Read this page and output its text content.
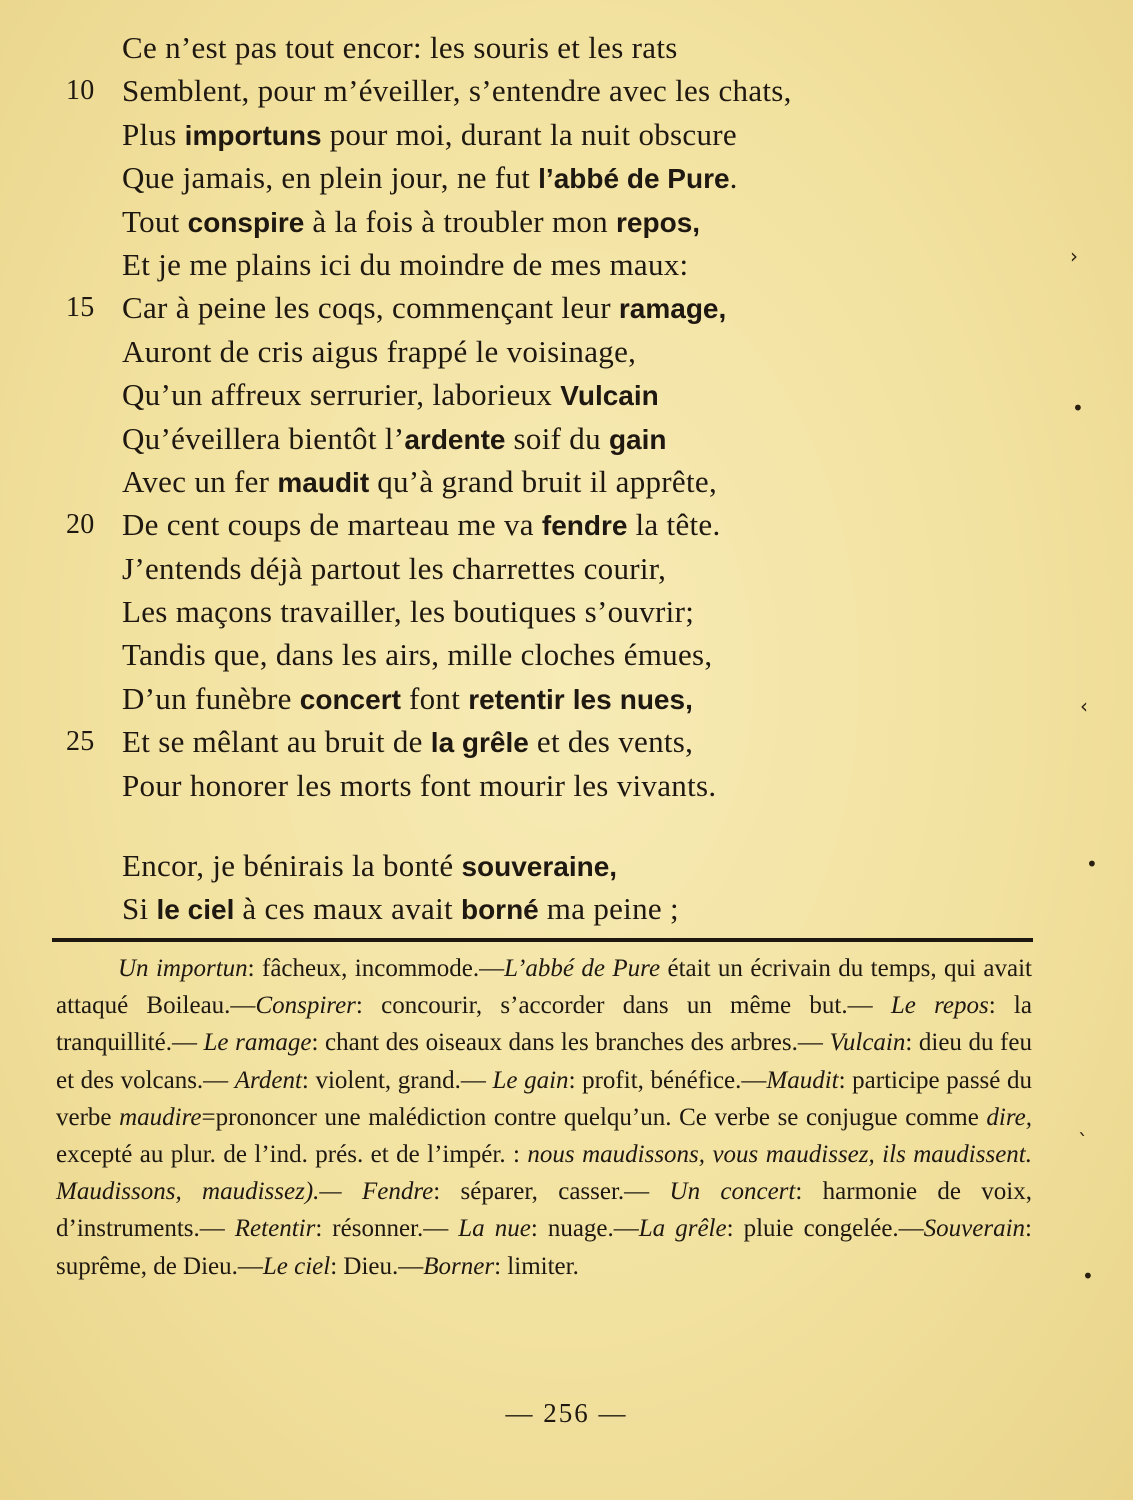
Ce n’est pas tout encor: les souris et les rats
10 Semblent, pour m’éveiller, s’entendre avec les chats,
Plus importuns pour moi, durant la nuit obscure
Que jamais, en plein jour, ne fut l’abbé de Pure.
Tout conspire à la fois à troubler mon repos,
Et je me plains ici du moindre de mes maux:
15 Car à peine les coqs, commençant leur ramage,
Auront de cris aigus frappé le voisinage,
Qu’un affreux serrurier, laborieux Vulcain
Qu’éveillera bientôt l’ardente soif du gain
Avec un fer maudit qu’à grand bruit il apprête,
20 De cent coups de marteau me va fendre la tête.
J’entends déjà partout les charrettes courir,
Les maçons travailler, les boutiques s’ouvrir;
Tandis que, dans les airs, mille cloches émues,
D’un funèbre concert font retentir les nues,
25 Et se mêlant au bruit de la grêle et des vents,
Pour honorer les morts font mourir les vivants.
Encor, je bénirais la bonté souveraine,
Si le ciel à ces maux avait borné ma peine ;
Un importun: fâcheux, incommode.—L’abbé de Pure était un écrivain du temps, qui avait attaqué Boileau.—Conspirer: concourir, s’accorder dans un même but.— Le repos: la tranquillité.— Le ramage: chant des oiseaux dans les branches des arbres.— Vulcain: dieu du feu et des volcans.— Ardent: violent, grand.— Le gain: profit, bénéfice.—Maudit: participe passé du verbe maudire=prononcer une malédiction contre quelqu’un. Ce verbe se conjugue comme dire, excepté au plur. de l’ind. prés. et de l’impér. : nous maudissons, vous maudissez, ils maudissent. Maudissons, maudissez).— Fendre: séparer, casser.— Un concert: harmonie de voix, d’instruments.— Retentir: résonner.— La nue: nuage.—La grêle: pluie congelée.—Souverain: suprême, de Dieu.—Le ciel: Dieu.—Borner: limiter.
— 256 —
›
•
‹
•
ˎ
•
